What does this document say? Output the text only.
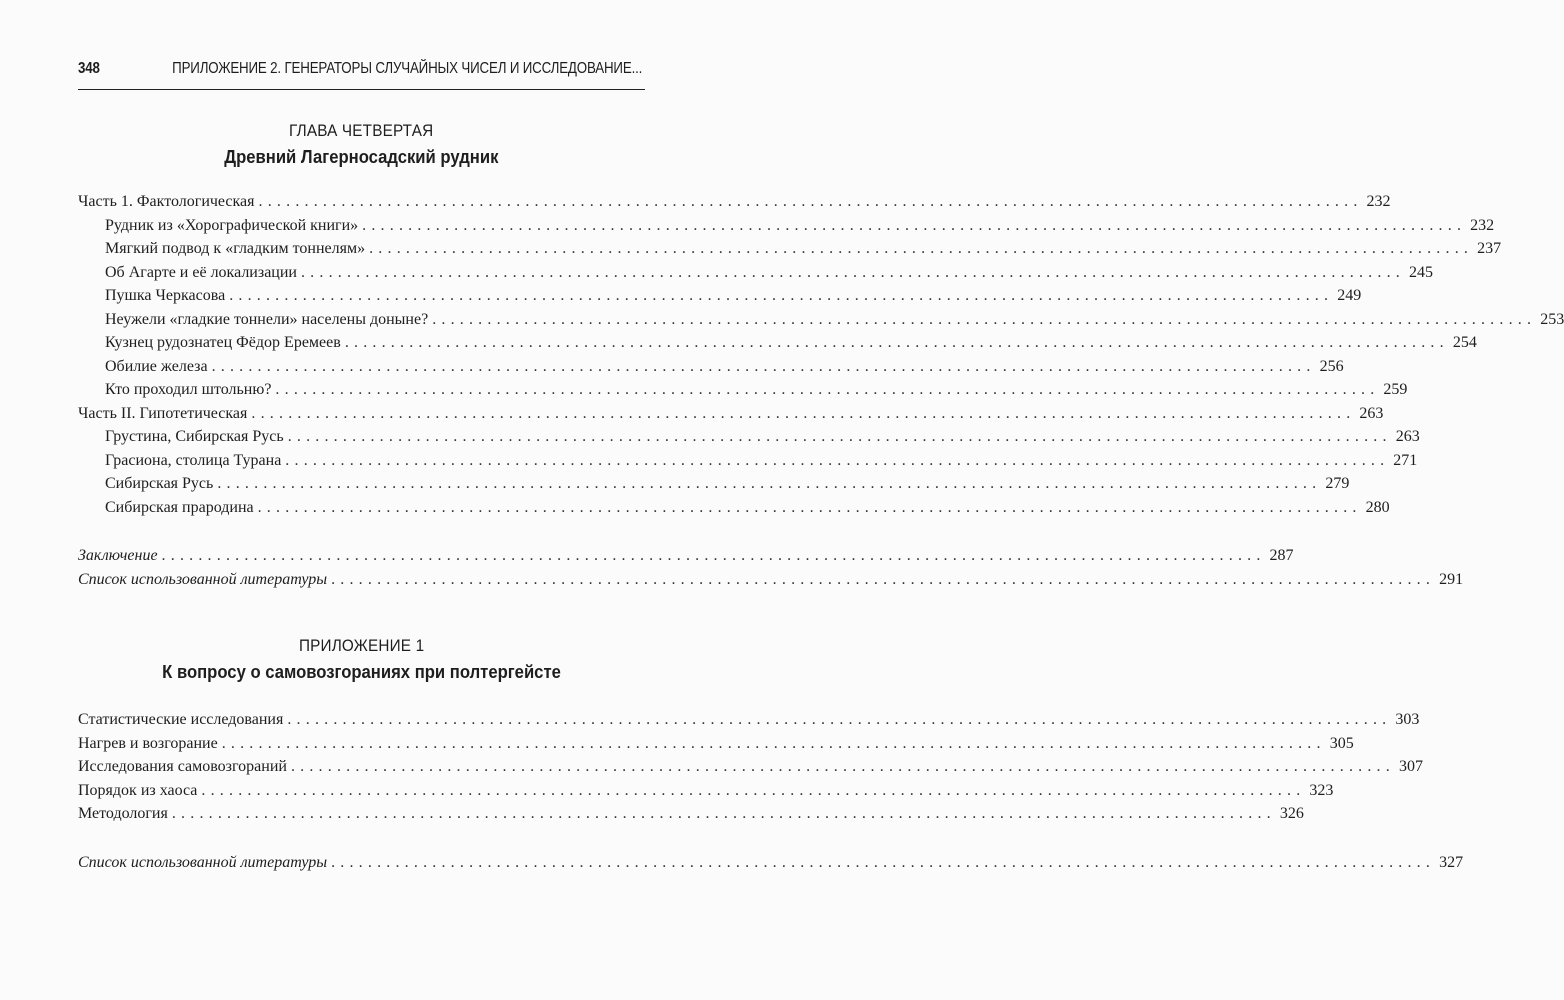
348	ПРИЛОЖЕНИЕ 2. ГЕНЕРАТОРЫ СЛУЧАЙНЫХ ЧИСЕЛ И ИССЛЕДОВАНИЕ...
ГЛАВА ЧЕТВЕРТАЯ
Древний Лагерносадский рудник
Часть 1. Фактологическая ........................................................................................................................ 232
Рудник из «Хорографической книги» ........................................................................................................................ 232
Мягкий подвод к «гладким тоннелям» ........................................................................................................................ 237
Об Агарте и её локализации ........................................................................................................................ 245
Пушка Черкасова ........................................................................................................................ 249
Неужели «гладкие тоннели» населены доныне? ........................................................................................................................ 253
Кузнец рудознатец Фёдор Еремеев ........................................................................................................................ 254
Обилие железа ........................................................................................................................ 256
Кто проходил штольню? ........................................................................................................................ 259
Часть II. Гипотетическая ........................................................................................................................ 263
Грустина, Сибирская Русь ........................................................................................................................ 263
Грасиона, столица Турана ........................................................................................................................ 271
Сибирская Русь ........................................................................................................................ 279
Сибирская прародина ........................................................................................................................ 280
Заключение ........................................................................................................................ 287
Список использованной литературы ........................................................................................................................ 291
ПРИЛОЖЕНИЕ 1
К вопросу о самовозгораниях при полтергейсте
Статистические исследования ........................................................................................................................ 303
Нагрев и возгорание ........................................................................................................................ 305
Исследования самовозгораний ........................................................................................................................ 307
Порядок из хаоса ........................................................................................................................ 323
Методология ........................................................................................................................ 326
Список использованной литературы ........................................................................................................................ 327
